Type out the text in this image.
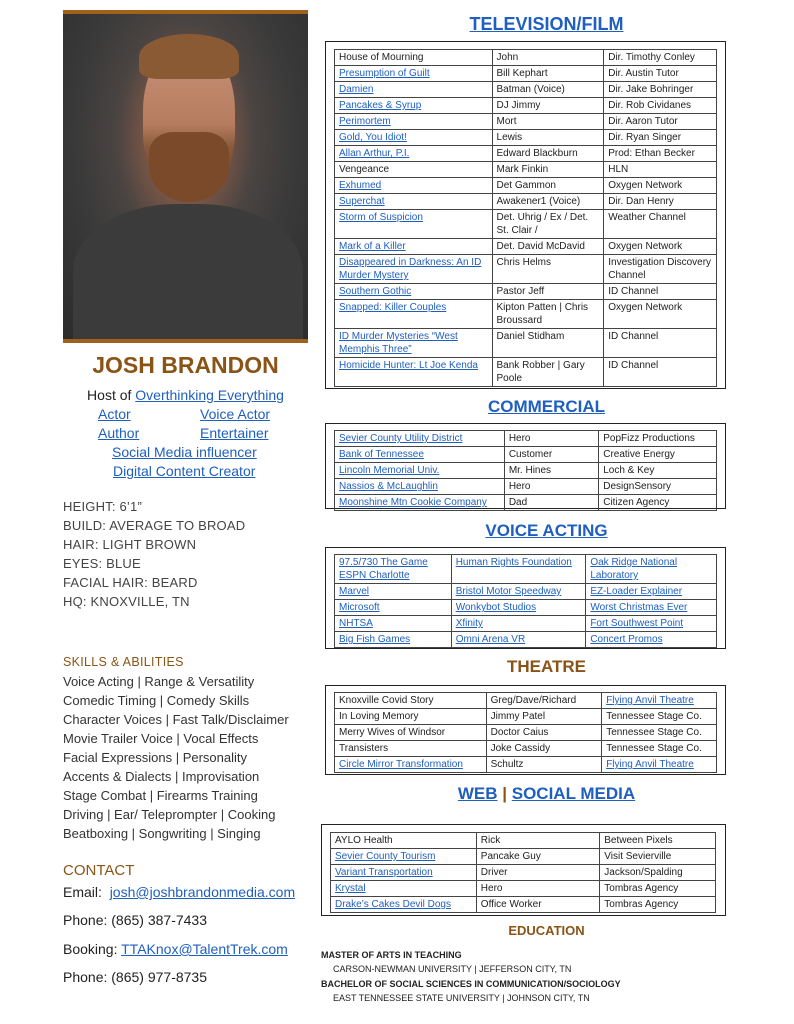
JOSH BRANDON
Host of Overthinking Everything
Actor	Voice Actor
Author	Entertainer
Social Media influencer
Digital Content Creator
HEIGHT: 6’1”
BUILD: AVERAGE TO BROAD
HAIR: LIGHT BROWN
EYES: BLUE
FACIAL HAIR: BEARD
HQ: KNOXVILLE, TN
SKILLS & ABILITIES
Voice Acting | Range & Versatility
Comedic Timing | Comedy Skills
Character Voices | Fast Talk/Disclaimer
Movie Trailer Voice | Vocal Effects
Facial Expressions | Personality
Accents & Dialects | Improvisation
Stage Combat | Firearms Training
Driving | Ear/ Teleprompter | Cooking
Beatboxing | Songwriting | Singing
CONTACT
Email: josh@joshbrandonmedia.com
Phone: (865) 387-7433
Booking: TTAKnox@TalentTrek.com
Phone: (865) 977-8735
TELEVISION/FILM
House of Mourning	John	Dir. Timothy Conley
Presumption of Guilt	Bill Kephart	Dir. Austin Tutor
Damien	Batman (Voice)	Dir. Jake Bohringer
Pancakes & Syrup	DJ Jimmy	Dir. Rob Cividanes
Perimortem	Mort	Dir. Aaron Tutor
Gold, You Idiot!	Lewis	Dir. Ryan Singer
Allan Arthur, P.I.	Edward Blackburn	Prod: Ethan Becker
Vengeance	Mark Finkin	HLN
Exhumed	Det Gammon	Oxygen Network
Superchat	Awakener1 (Voice)	Dir. Dan Henry
Storm of Suspicion	Det. Uhrig / Ex / Det. St. Clair /	Weather Channel
Mark of a Killer	Det. David McDavid	Oxygen Network
Disappeared in Darkness: An ID Murder Mystery	Chris Helms	Investigation Discovery Channel
Southern Gothic	Pastor Jeff	ID Channel
Snapped: Killer Couples	Kipton Patten | Chris Broussard	Oxygen Network
ID Murder Mysteries “West Memphis Three”	Daniel Stidham	ID Channel
Homicide Hunter: Lt Joe Kenda	Bank Robber | Gary Poole	ID Channel
COMMERCIAL
Sevier County Utility District	Hero	PopFizz Productions
Bank of Tennessee	Customer	Creative Energy
Lincoln Memorial Univ.	Mr. Hines	Loch & Key
Nassios & McLaughlin	Hero	DesignSensory
Moonshine Mtn Cookie Company	Dad	Citizen Agency
VOICE ACTING
97.5/730 The Game ESPN Charlotte	Human Rights Foundation	Oak Ridge National Laboratory
Marvel	Bristol Motor Speedway	EZ-Loader Explainer
Microsoft	Wonkybot Studios	Worst Christmas Ever
NHTSA	Xfinity	Fort Southwest Point
Big Fish Games	Omni Arena VR	Concert Promos
THEATRE
Knoxville Covid Story	Greg/Dave/Richard	Flying Anvil Theatre
In Loving Memory	Jimmy Patel	Tennessee Stage Co.
Merry Wives of Windsor	Doctor Caius	Tennessee Stage Co.
Transisters	Joke Cassidy	Tennessee Stage Co.
Circle Mirror Transformation	Schultz	Flying Anvil Theatre
WEB | SOCIAL MEDIA
AYLO Health	Rick	Between Pixels
Sevier County Tourism	Pancake Guy	Visit Sevierville
Variant Transportation	Driver	Jackson/Spalding
Krystal	Hero	Tombras Agency
Drake’s Cakes Devil Dogs	Office Worker	Tombras Agency
EDUCATION
MASTER OF ARTS IN TEACHING
CARSON-NEWMAN UNIVERSITY | JEFFERSON CITY, TN
BACHELOR OF SOCIAL SCIENCES IN COMMUNICATION/SOCIOLOGY
EAST TENNESSEE STATE UNIVERSITY | JOHNSON CITY, TN
